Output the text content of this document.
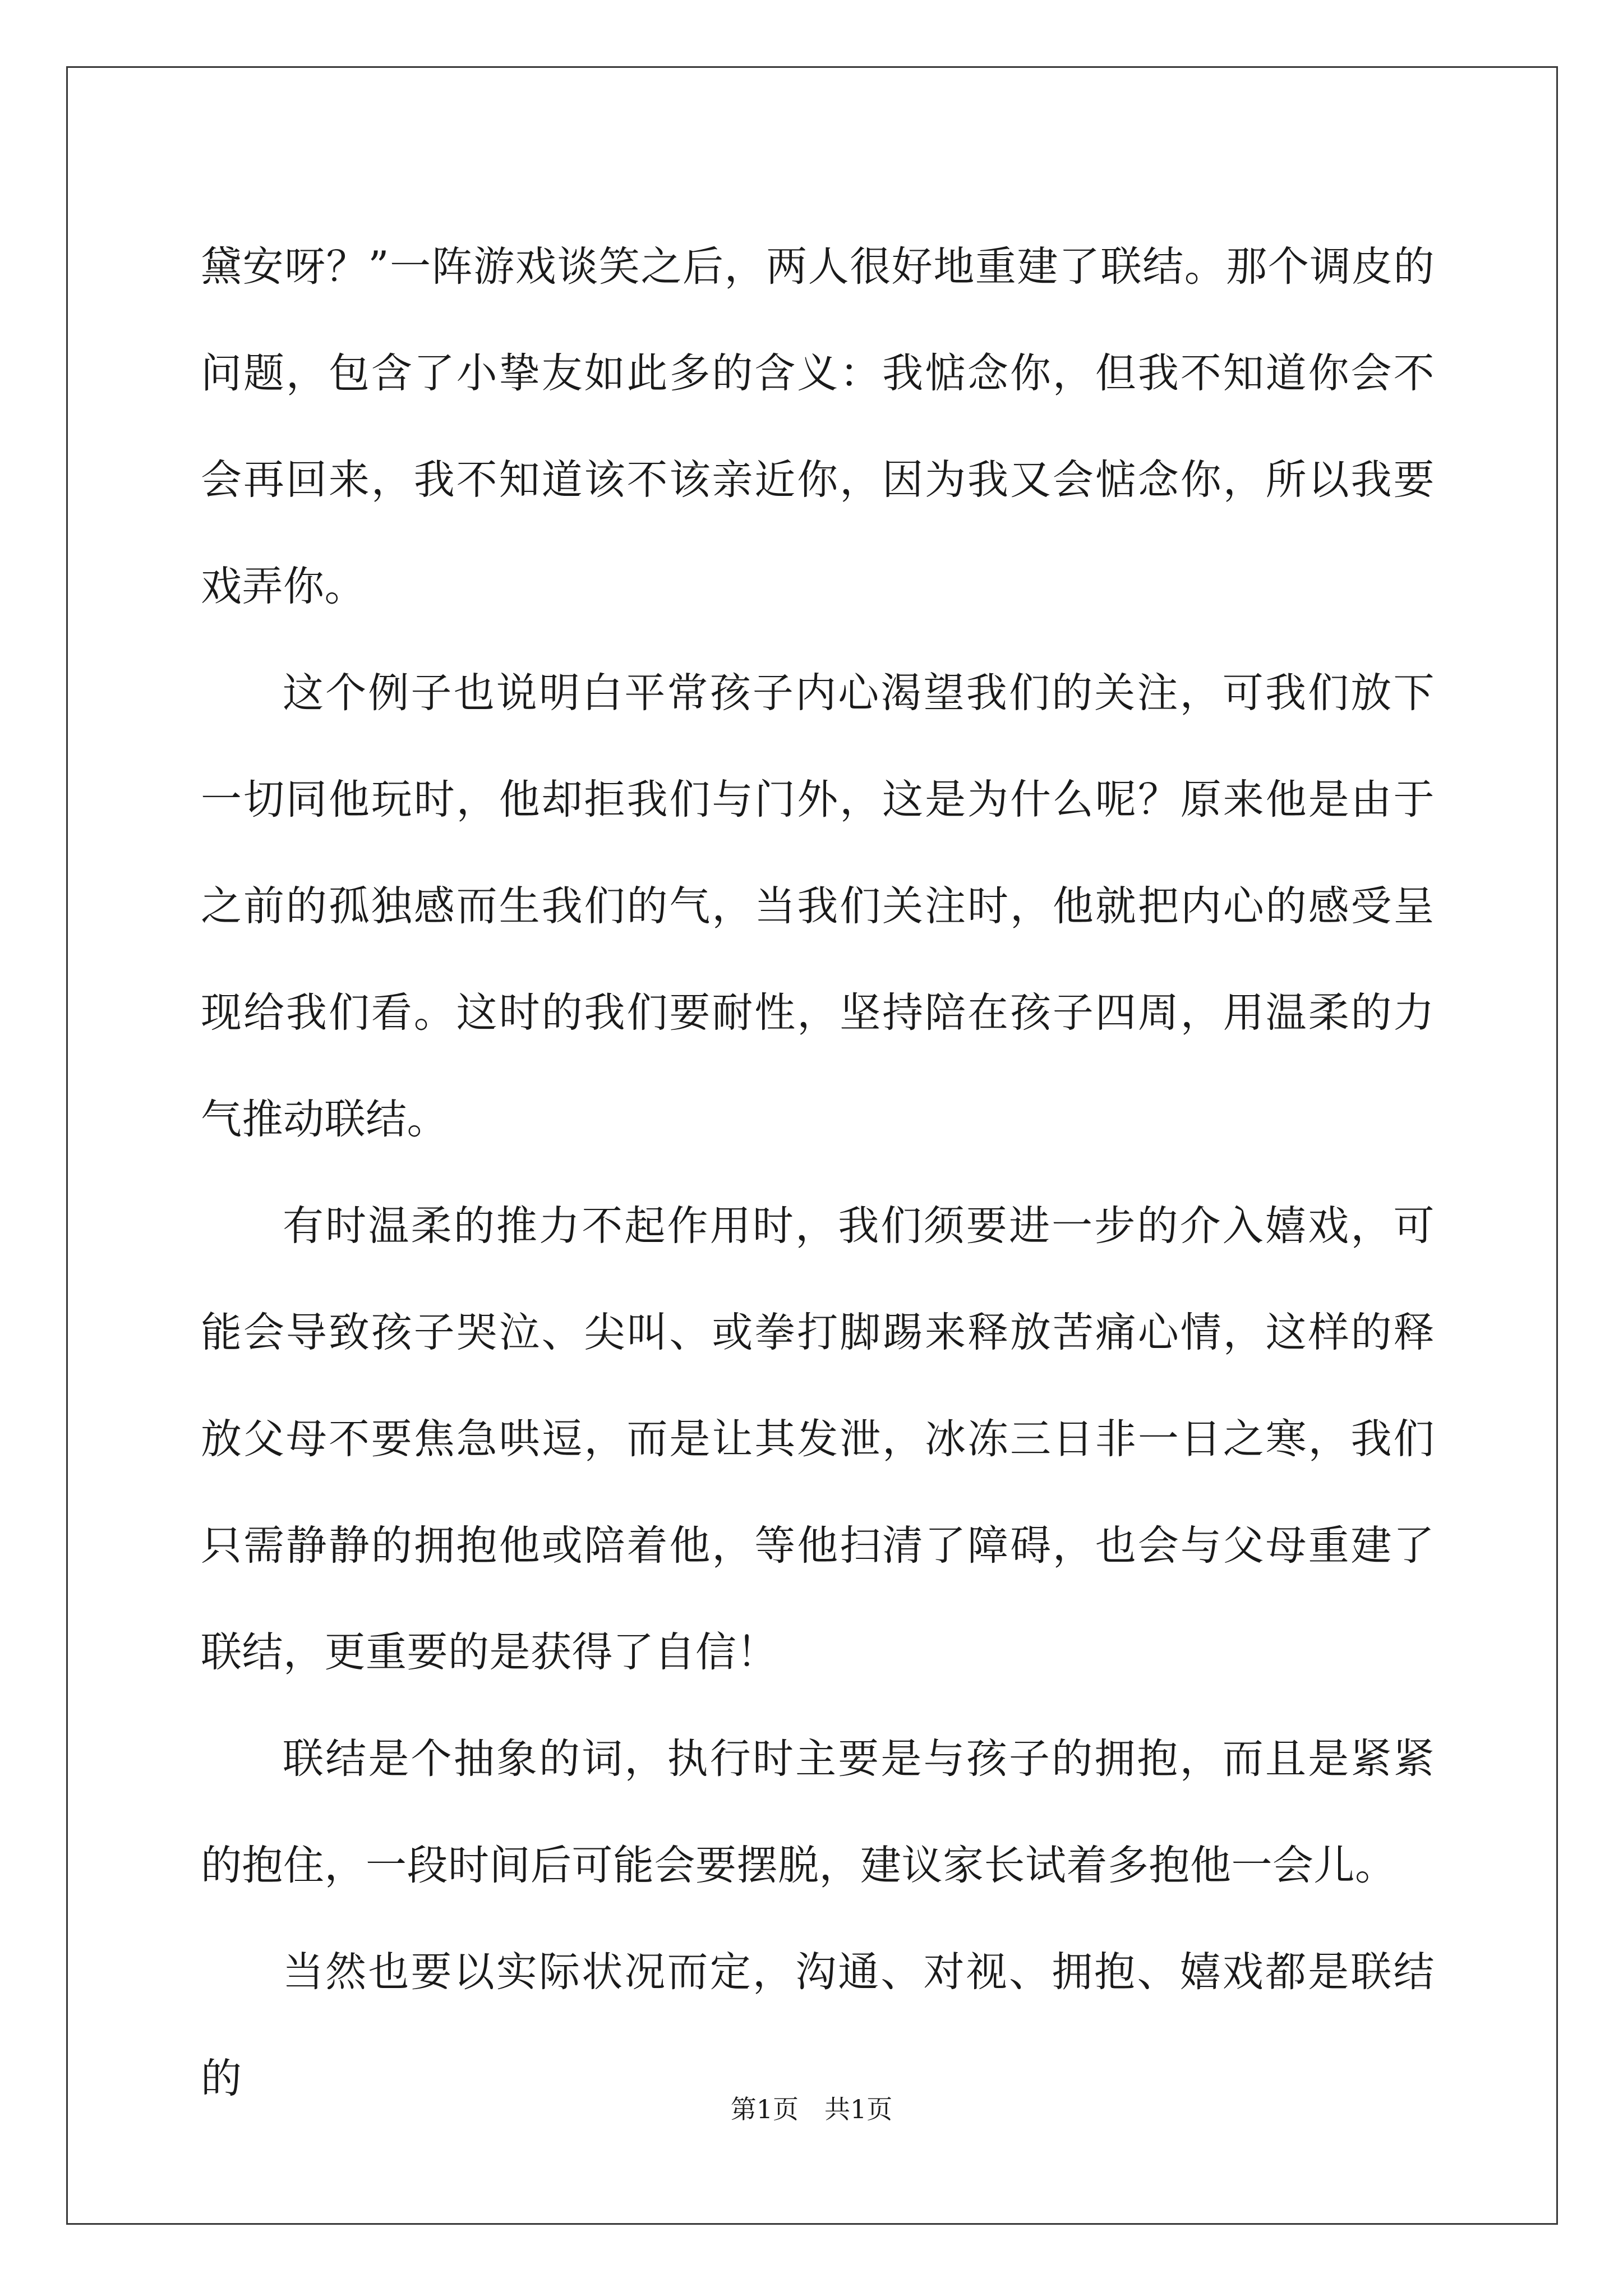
黛安呀？”一阵游戏谈笑之后，两人很好地重建了联结。那个调皮的问题，包含了小挚友如此多的含义：我惦念你，但我不知道你会不会再回来，我不知道该不该亲近你，因为我又会惦念你，所以我要戏弄你。

这个例子也说明白平常孩子内心渴望我们的关注，可我们放下一切同他玩时，他却拒我们与门外，这是为什么呢？原来他是由于之前的孤独感而生我们的气，当我们关注时，他就把内心的感受呈现给我们看。这时的我们要耐性，坚持陪在孩子四周，用温柔的力气推动联结。

有时温柔的推力不起作用时，我们须要进一步的介入嬉戏，可能会导致孩子哭泣、尖叫、或拳打脚踢来释放苦痛心情，这样的释放父母不要焦急哄逗，而是让其发泄，冰冻三日非一日之寒，我们只需静静的拥抱他或陪着他，等他扫清了障碍，也会与父母重建了联结，更重要的是获得了自信！

联结是个抽象的词，执行时主要是与孩子的拥抱，而且是紧紧的抱住，一段时间后可能会要摆脱，建议家长试着多抱他一会儿。

当然也要以实际状况而定，沟通、对视、拥抱、嬉戏都是联结的

第1页 共1页
